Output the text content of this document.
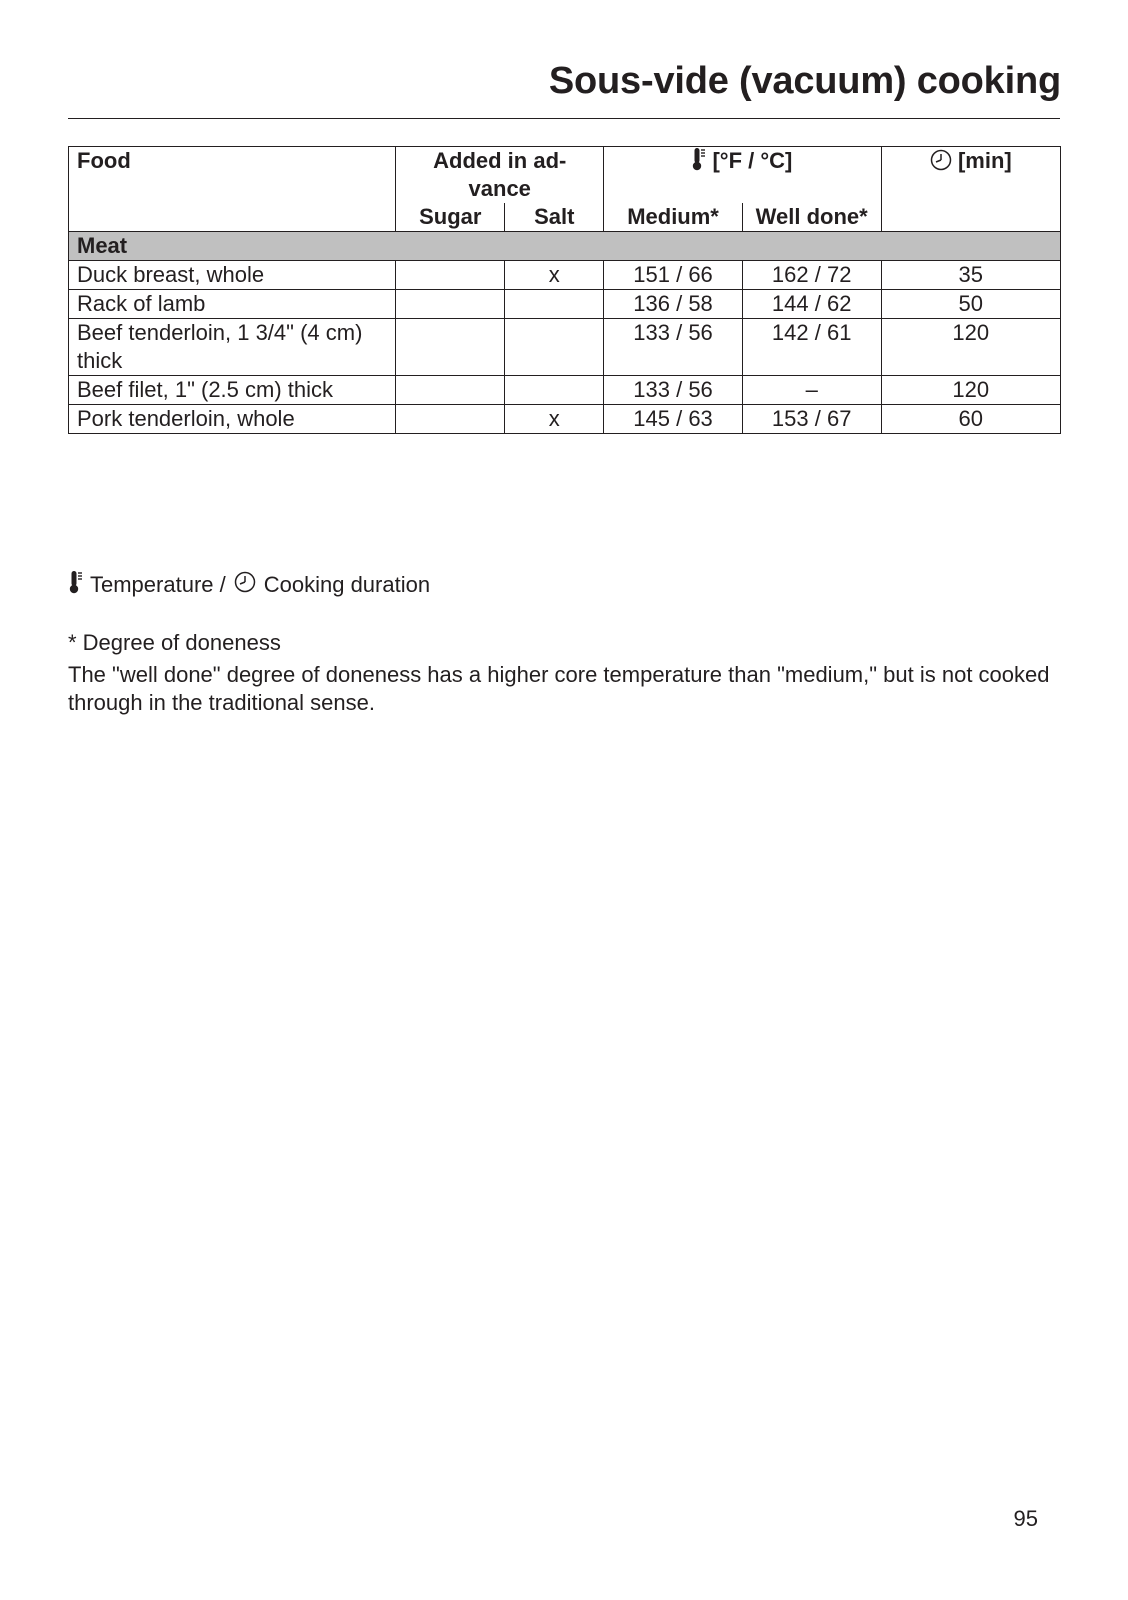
Sous-vide (vacuum) cooking
Food	Added in ad- vance		[°F / °C]		[min]
	Sugar	Salt	Medium*	Well done*	
Meat					
Duck breast, whole		x	151 / 66	162 / 72	35
Rack of lamb			136 / 58	144 / 62	50
Beef tenderloin, 1 3/4" (4 cm) thick			133 / 56	142 / 61	120
Beef filet, 1" (2.5 cm) thick			133 / 56	–	120
Pork tenderloin, whole		x	145 / 63	153 / 67	60
Temperature / Cooking duration

* Degree of doneness

The "well done" degree of doneness has a higher core temperature than "medium," but is not cooked through in the traditional sense.

95
